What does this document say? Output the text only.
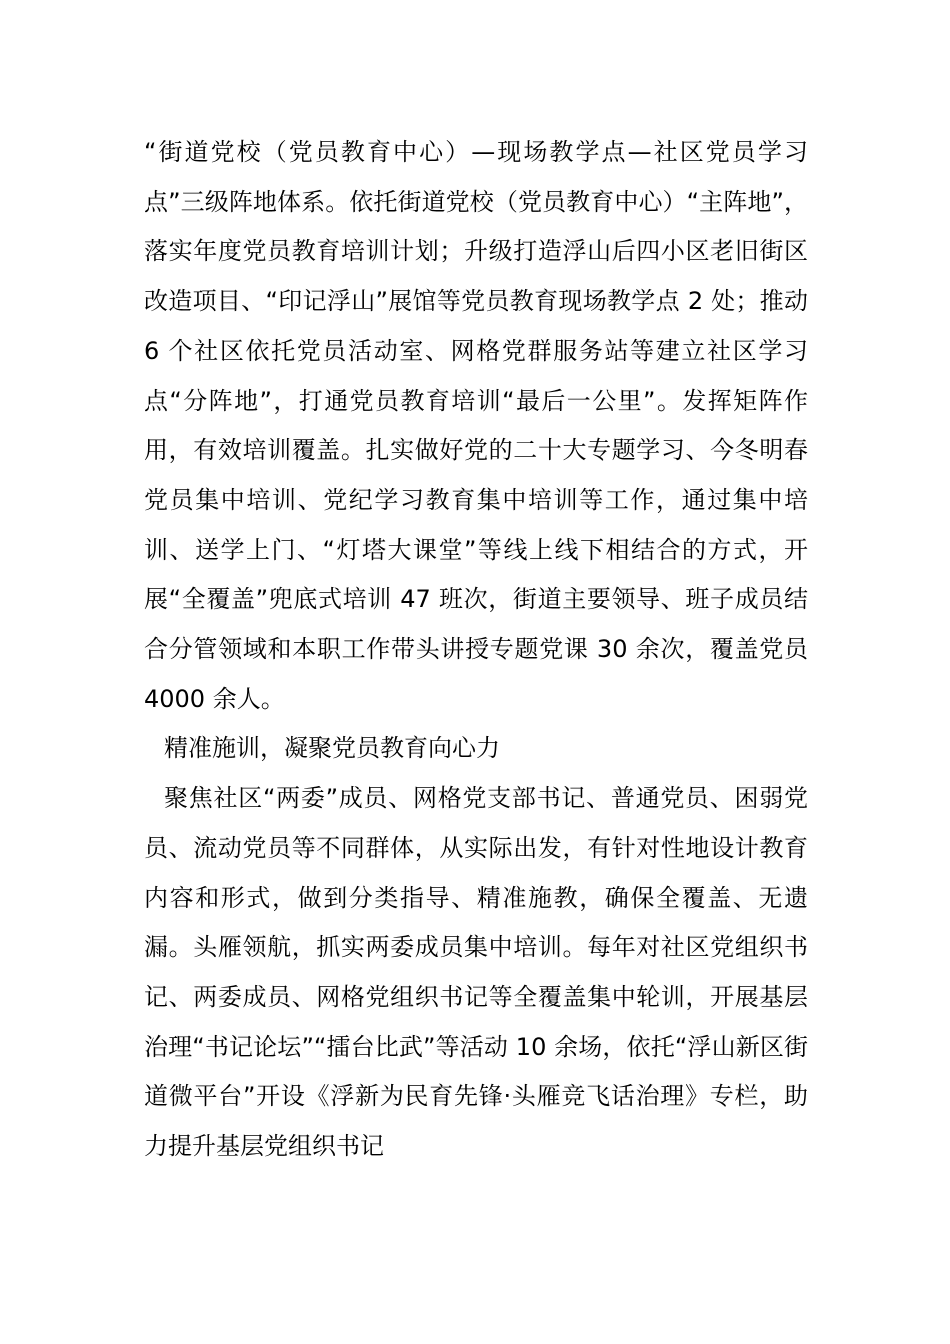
“街道党校（党员教育中心）—现场教学点—社区党员学习点”三级阵地体系。依托街道党校（党员教育中心）“主阵地”，落实年度党员教育培训计划；升级打造浮山后四小区老旧街区改造项目、“印记浮山”展馆等党员教育现场教学点 2 处；推动 6 个社区依托党员活动室、网格党群服务站等建立社区学习点“分阵地”，打通党员教育培训“最后一公里”。发挥矩阵作用，有效培训覆盖。扎实做好党的二十大专题学习、今冬明春党员集中培训、党纪学习教育集中培训等工作，通过集中培训、送学上门、“灯塔大课堂”等线上线下相结合的方式，开展“全覆盖”兜底式培训 47 班次，街道主要领导、班子成员结合分管领域和本职工作带头讲授专题党课 30 余次，覆盖党员 4000 余人。

精准施训，凝聚党员教育向心力

聚焦社区“两委”成员、网格党支部书记、普通党员、困弱党员、流动党员等不同群体，从实际出发，有针对性地设计教育内容和形式，做到分类指导、精准施教，确保全覆盖、无遗漏。头雁领航，抓实两委成员集中培训。每年对社区党组织书记、两委成员、网格党组织书记等全覆盖集中轮训，开展基层治理“书记论坛”“擂台比武”等活动 10 余场，依托“浮山新区街道微平台”开设《浮新为民育先锋·头雁竞飞话治理》专栏，助力提升基层党组织书记
